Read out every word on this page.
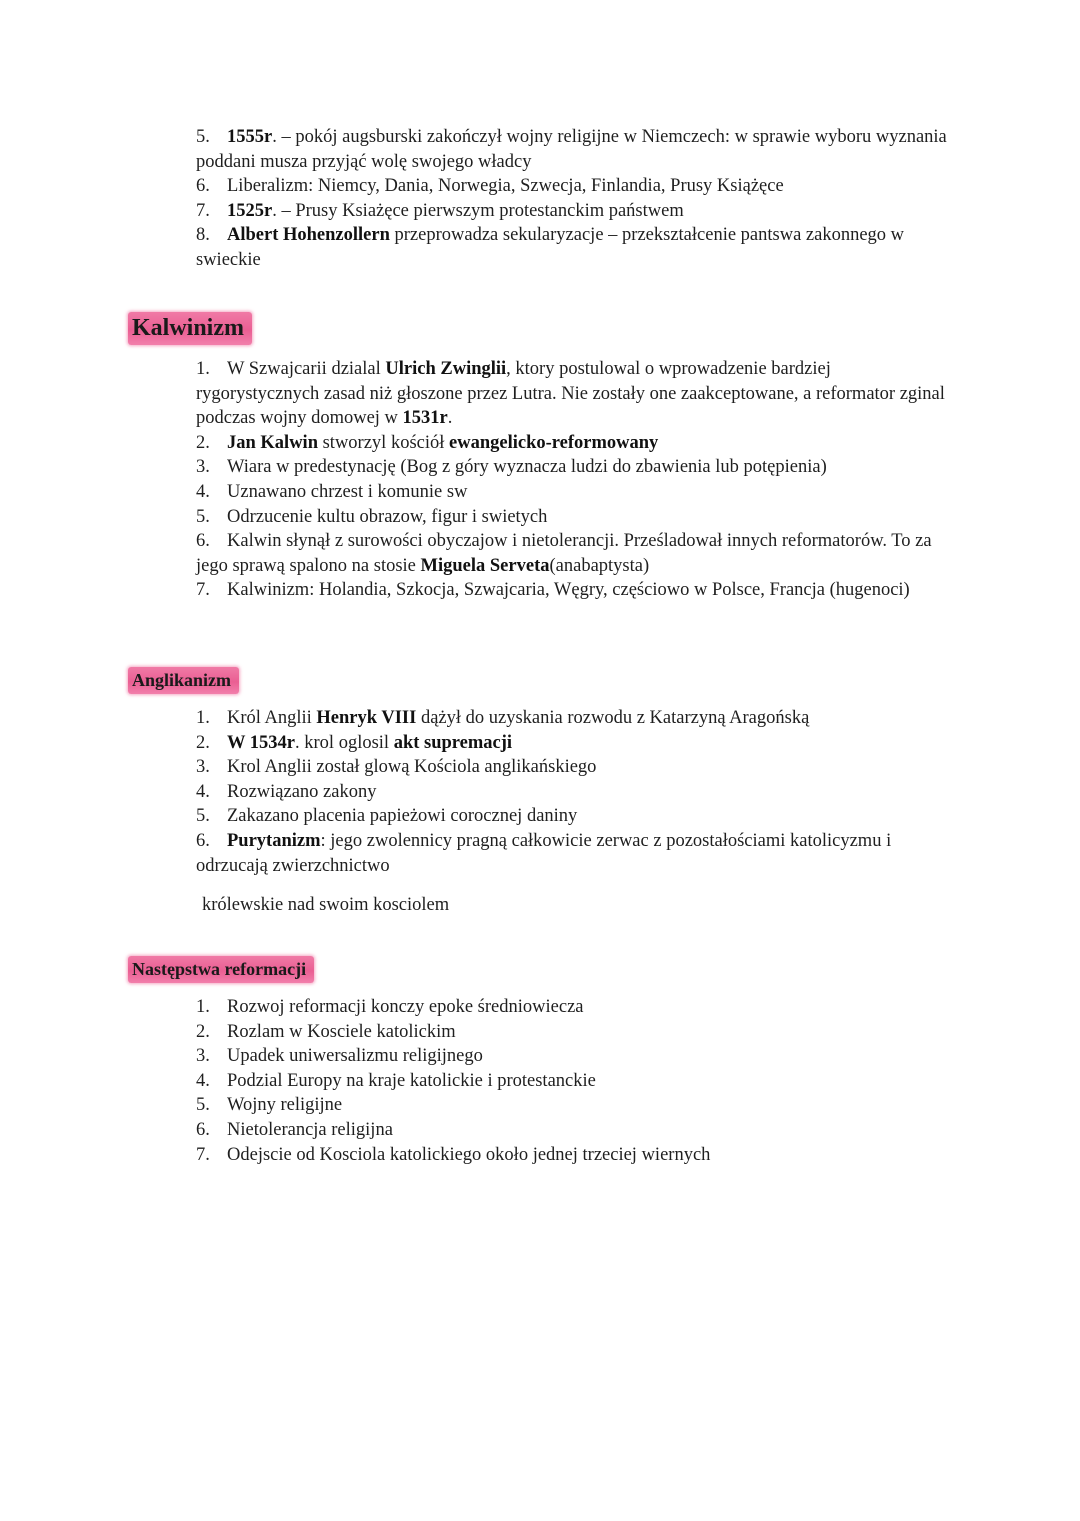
5. 1555r. – pokój augsburski zakończył wojny religijne w Niemczech: w sprawie wyboru wyznania poddani musza przyjąć wolę swojego władcy
6. Liberalizm: Niemcy, Dania, Norwegia, Szwecja, Finlandia, Prusy Książęce
7. 1525r. – Prusy Ksiażęce pierwszym protestanckim państwem
8. Albert Hohenzollern przeprowadza sekularyzacje – przekształcenie pantswa zakonnego w swieckie
Kalwinizm
1. W Szwajcarii dzialal Ulrich Zwinglii, ktory postulowal o wprowadzenie bardziej rygorystycznych zasad niż głoszone przez Lutra. Nie zostały one zaakceptowane, a reformator zginal podczas wojny domowej w 1531r.
2. Jan Kalwin stworzyl kościół ewangelicko-reformowany
3. Wiara w predestynację (Bog z góry wyznacza ludzi do zbawienia lub potępienia)
4. Uznawano chrzest i komunie sw
5. Odrzucenie kultu obrazow, figur i swietych
6. Kalwin słynął z surowości obyczajow i nietolerancji. Prześladował innych reformatorów. To za jego sprawą spalono na stosie Miguela Serveta(anabaptysta)
7. Kalwinizm: Holandia, Szkocja, Szwajcaria, Węgry, częściowo w Polsce, Francja (hugenoci)
Anglikanizm
1. Król Anglii Henryk VIII dążył do uzyskania rozwodu z Katarzyną Aragońską
2. W 1534r. krol oglosil akt supremacji
3. Krol Anglii został glową Kościola anglikańskiego
4. Rozwiązano zakony
5. Zakazano placenia papieżowi corocznej daniny
6. Purytanizm: jego zwolennicy pragną całkowicie zerwac z pozostałościami katolicyzmu i odrzucają zwierzchnictwo
królewskie nad swoim kosciolem
Następstwa reformacji
1. Rozwoj reformacji konczy epoke średniowiecza
2. Rozlam w Kosciele katolickim
3. Upadek uniwersalizmu religijnego
4. Podzial Europy na kraje katolickie i protestanckie
5. Wojny religijne
6. Nietolerancja religijna
7. Odejscie od Kosciola katolickiego około jednej trzeciej wiernych
